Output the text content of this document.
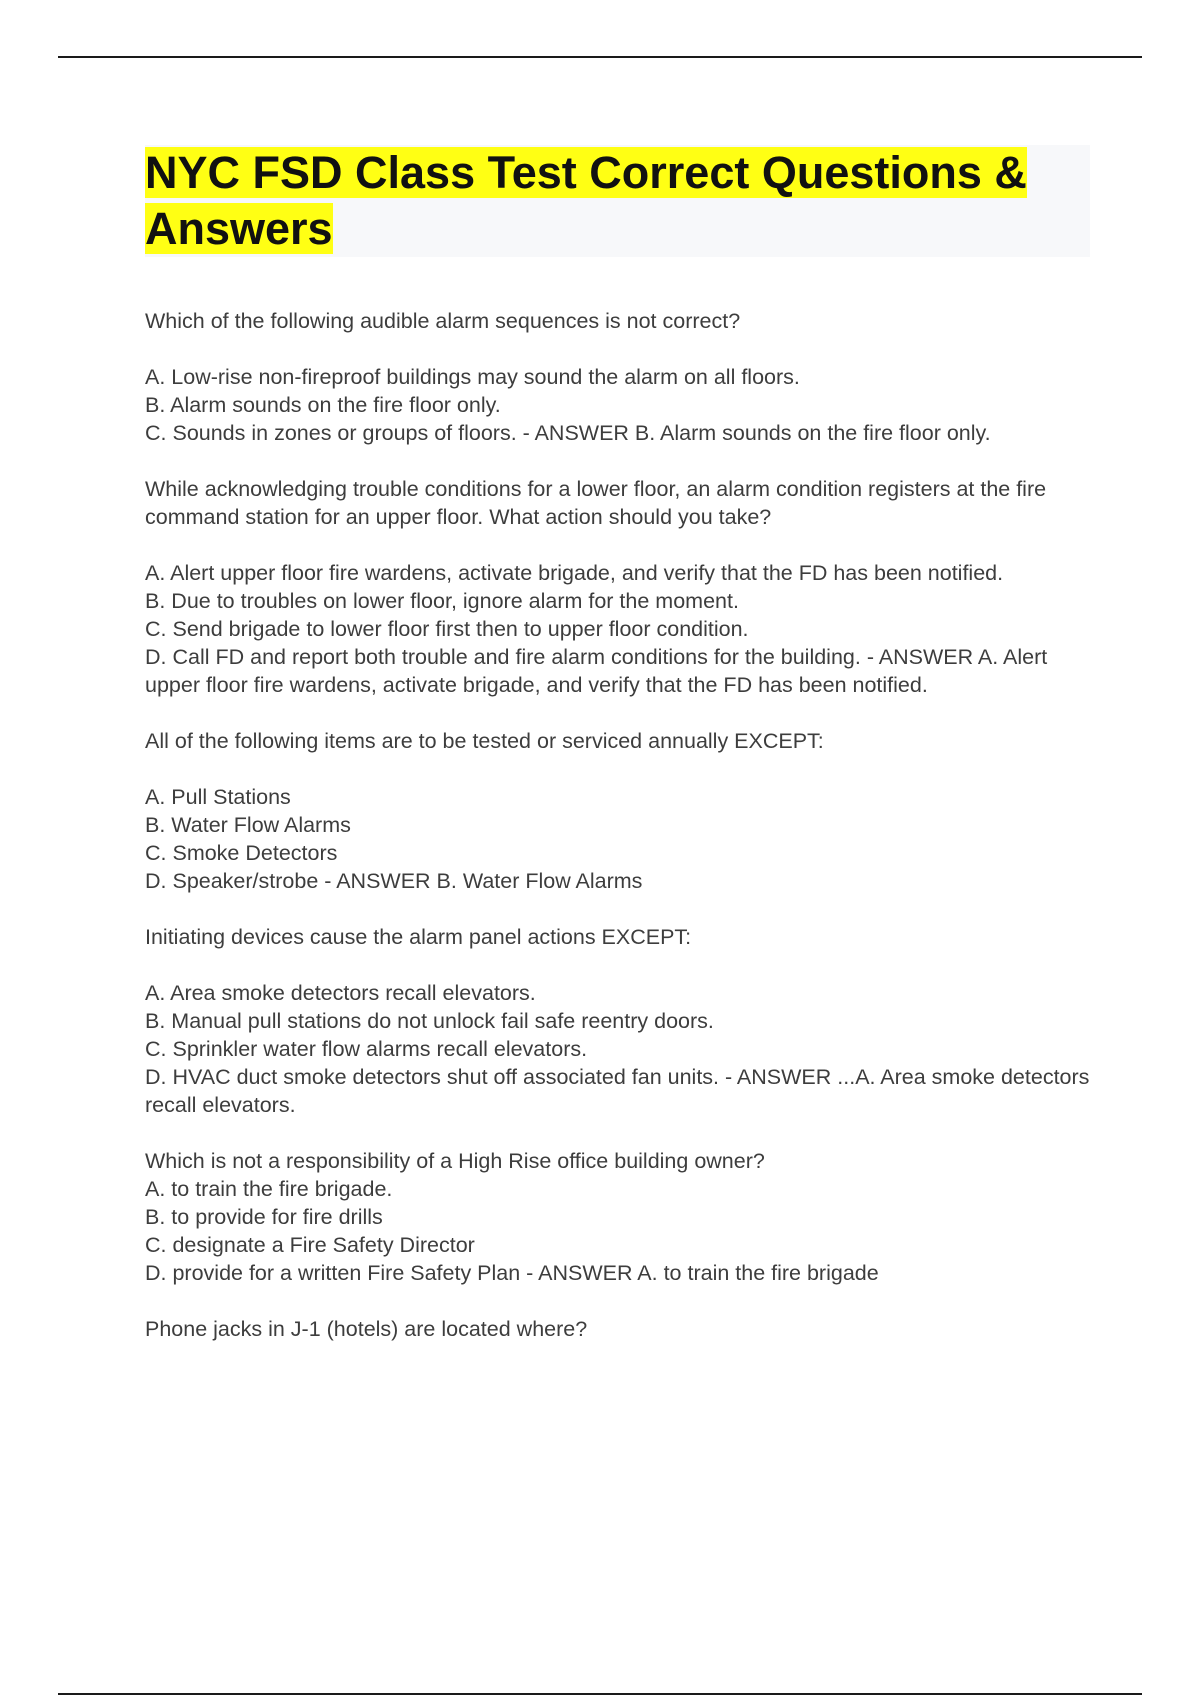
NYC FSD Class Test Correct Questions & Answers
Which of the following audible alarm sequences is not correct?
A. Low-rise non-fireproof buildings may sound the alarm on all floors.
B. Alarm sounds on the fire floor only.
C. Sounds in zones or groups of floors. - ANSWER B. Alarm sounds on the fire floor only.
While acknowledging trouble conditions for a lower floor, an alarm condition registers at the fire command station for an upper floor. What action should you take?
A. Alert upper floor fire wardens, activate brigade, and verify that the FD has been notified.
B. Due to troubles on lower floor, ignore alarm for the moment.
C. Send brigade to lower floor first then to upper floor condition.
D. Call FD and report both trouble and fire alarm conditions for the building. - ANSWER A. Alert upper floor fire wardens, activate brigade, and verify that the FD has been notified.
All of the following items are to be tested or serviced annually EXCEPT:
A. Pull Stations
B. Water Flow Alarms
C. Smoke Detectors
D. Speaker/strobe - ANSWER B. Water Flow Alarms
Initiating devices cause the alarm panel actions EXCEPT:
A. Area smoke detectors recall elevators.
B. Manual pull stations do not unlock fail safe reentry doors.
C. Sprinkler water flow alarms recall elevators.
D. HVAC duct smoke detectors shut off associated fan units. - ANSWER ...A. Area smoke detectors recall elevators.
Which is not a responsibility of a High Rise office building owner?
A. to train the fire brigade.
B. to provide for fire drills
C. designate a Fire Safety Director
D. provide for a written Fire Safety Plan - ANSWER A. to train the fire brigade
Phone jacks in J-1 (hotels) are located where?
